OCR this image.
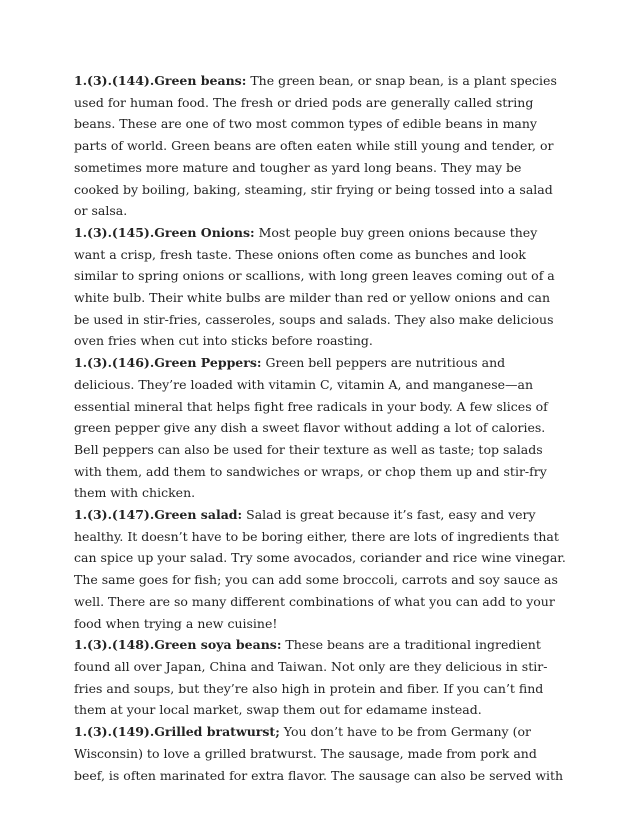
1.(3).(144).Green beans: The green bean, or snap bean, is a plant species used for human food. The fresh or dried pods are generally called string beans. These are one of two most common types of edible beans in many parts of world. Green beans are often eaten while still young and tender, or sometimes more mature and tougher as yard long beans. They may be cooked by boiling, baking, steaming, stir frying or being tossed into a salad or salsa.

1.(3).(145).Green Onions: Most people buy green onions because they want a crisp, fresh taste. These onions often come as bunches and look similar to spring onions or scallions, with long green leaves coming out of a white bulb. Their white bulbs are milder than red or yellow onions and can be used in stir-fries, casseroles, soups and salads. They also make delicious oven fries when cut into sticks before roasting.

1.(3).(146).Green Peppers: Green bell peppers are nutritious and delicious. They’re loaded with vitamin C, vitamin A, and manganese—an essential mineral that helps fight free radicals in your body. A few slices of green pepper give any dish a sweet flavor without adding a lot of calories. Bell peppers can also be used for their texture as well as taste; top salads with them, add them to sandwiches or wraps, or chop them up and stir-fry them with chicken.

1.(3).(147).Green salad: Salad is great because it’s fast, easy and very healthy. It doesn’t have to be boring either, there are lots of ingredients that can spice up your salad. Try some avocados, coriander and rice wine vinegar. The same goes for fish; you can add some broccoli, carrots and soy sauce as well. There are so many different combinations of what you can add to your food when trying a new cuisine!

1.(3).(148).Green soya beans: These beans are a traditional ingredient found all over Japan, China and Taiwan. Not only are they delicious in stir-fries and soups, but they’re also high in protein and fiber. If you can’t find them at your local market, swap them out for edamame instead.

1.(3).(149).Grilled bratwurst; You don’t have to be from Germany (or Wisconsin) to love a grilled bratwurst. The sausage, made from pork and beef, is often marinated for extra flavor. The sausage can also be served with
